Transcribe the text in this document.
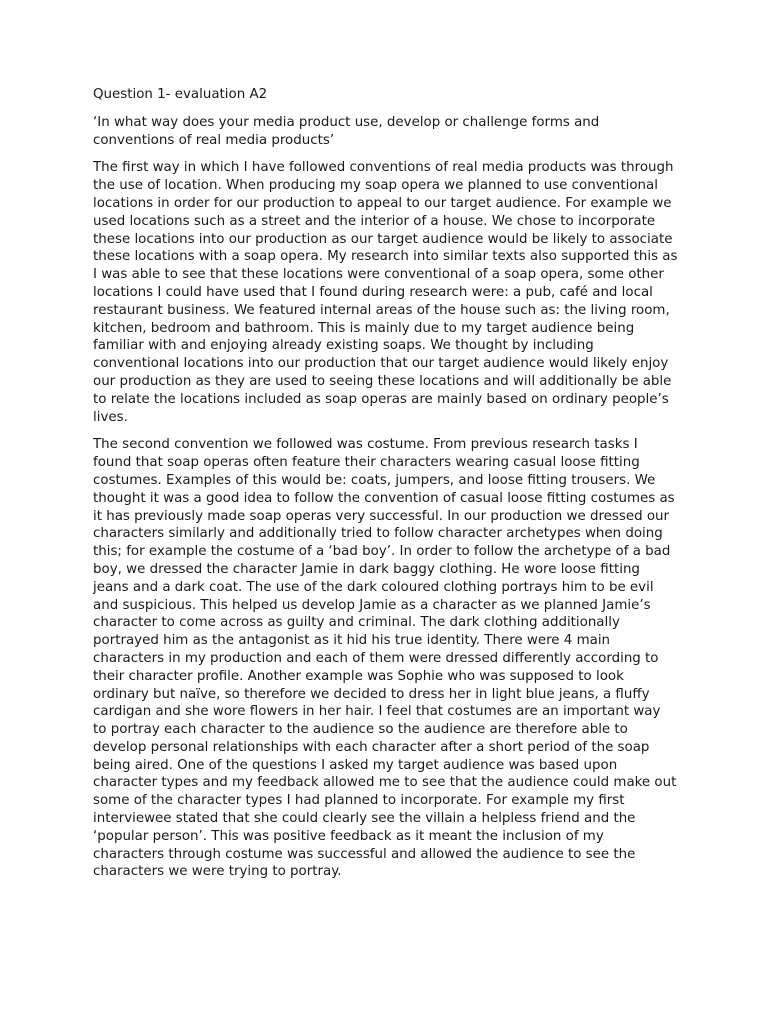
Question 1- evaluation A2

‘In what way does your media product use, develop or challenge forms and conventions of real media products’

The first way in which I have followed conventions of real media products was through the use of location. When producing my soap opera we planned to use conventional locations in order for our production to appeal to our target audience. For example we used locations such as a street and the interior of a house. We chose to incorporate these locations into our production as our target audience would be likely to associate these locations with a soap opera. My research into similar texts also supported this as I was able to see that these locations were conventional of a soap opera, some other locations I could have used that I found during research were: a pub, café and local restaurant business. We featured internal areas of the house such as: the living room, kitchen, bedroom and bathroom. This is mainly due to my target audience being familiar with and enjoying already existing soaps. We thought by including conventional locations into our production that our target audience would likely enjoy our production as they are used to seeing these locations and will additionally be able to relate the locations included as soap operas are mainly based on ordinary people’s lives.

The second convention we followed was costume. From previous research tasks I found that soap operas often feature their characters wearing casual loose fitting costumes. Examples of this would be: coats, jumpers, and loose fitting trousers. We thought it was a good idea to follow the convention of casual loose fitting costumes as it has previously made soap operas very successful. In our production we dressed our characters similarly and additionally tried to follow character archetypes when doing this; for example the costume of a ‘bad boy’. In order to follow the archetype of a bad boy, we dressed the character Jamie in dark baggy clothing. He wore loose fitting jeans and a dark coat. The use of the dark coloured clothing portrays him to be evil and suspicious. This helped us develop Jamie as a character as we planned Jamie’s character to come across as guilty and criminal. The dark clothing additionally portrayed him as the antagonist as it hid his true identity. There were 4 main characters in my production and each of them were dressed differently according to their character profile. Another example was Sophie who was supposed to look ordinary but naïve, so therefore we decided to dress her in light blue jeans, a fluffy cardigan and she wore flowers in her hair. I feel that costumes are an important way to portray each character to the audience so the audience are therefore able to develop personal relationships with each character after a short period of the soap being aired. One of the questions I asked my target audience was based upon character types and my feedback allowed me to see that the audience could make out some of the character types I had planned to incorporate. For example my first interviewee stated that she could clearly see the villain a helpless friend and the ‘popular person’. This was positive feedback as it meant the inclusion of my characters through costume was successful and allowed the audience to see the characters we were trying to portray.
